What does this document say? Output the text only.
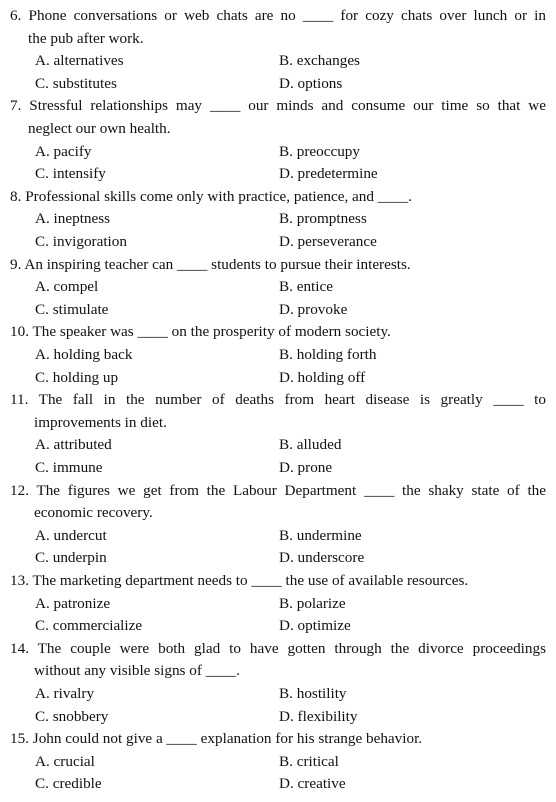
6. Phone conversations or web chats are no ____ for cozy chats over lunch or in
the pub after work.
A. alternatives	B. exchanges
C. substitutes	D. options
7. Stressful relationships may ____ our minds and consume our time so that we
neglect our own health.
A. pacify	B. preoccupy
C. intensify	D. predetermine
8. Professional skills come only with practice, patience, and ____.
A. ineptness	B. promptness
C. invigoration	D. perseverance
9. An inspiring teacher can ____ students to pursue their interests.
A. compel	B. entice
C. stimulate	D. provoke
10. The speaker was ____ on the prosperity of modern society.
A. holding back	B. holding forth
C. holding up	D. holding off
11. The fall in the number of deaths from heart disease is greatly ____ to
improvements in diet.
A. attributed	B. alluded
C. immune	D. prone
12. The figures we get from the Labour Department ____ the shaky state of the
economic recovery.
A. undercut	B. undermine
C. underpin	D. underscore
13. The marketing department needs to ____ the use of available resources.
A. patronize	B. polarize
C. commercialize	D. optimize
14. The couple were both glad to have gotten through the divorce proceedings
without any visible signs of ____.
A. rivalry	B. hostility
C. snobbery	D. flexibility
15. John could not give a ____ explanation for his strange behavior.
A. crucial	B. critical
C. credible	D. creative
